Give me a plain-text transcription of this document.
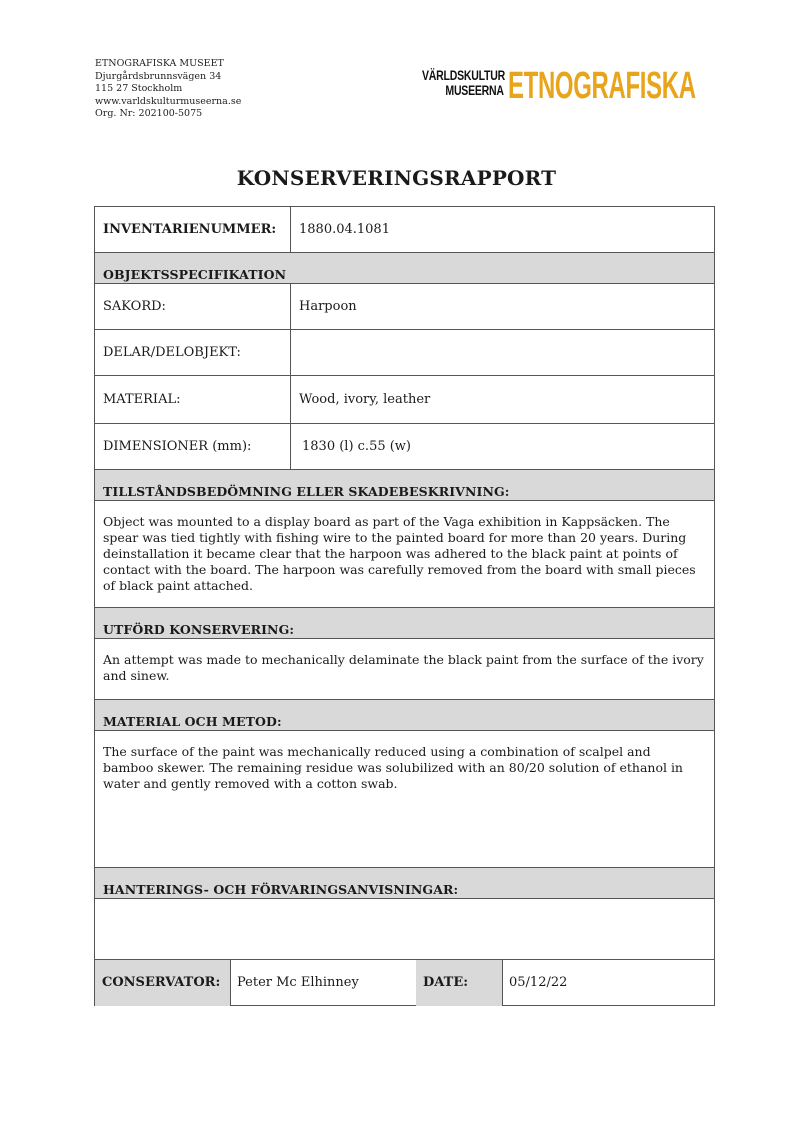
ETNOGRAFISKA MUSEET
Djurgårdsbrunnsvägen 34
115 27 Stockholm
www.varldskulturmuseerna.se
Org. Nr: 202100-5075
VÄRLDSKULTUR
MUSEERNA ETNOGRAFISKA
KONSERVERINGSRAPPORT
INVENTARIENUMMER:	1880.04.1081
OBJEKTSSPECIFIKATION
SAKORD:	Harpoon
DELAR/DELOBJEKT:
MATERIAL:	Wood, ivory, leather
DIMENSIONER (mm):	1830 (l) c.55 (w)
TILLSTÅNDSBEDÖMNING ELLER SKADEBESKRIVNING:
Object was mounted to a display board as part of the Vaga exhibition in Kappsäcken. The spear was tied tightly with fishing wire to the painted board for more than 20 years. During deinstallation it became clear that the harpoon was adhered to the black paint at points of contact with the board. The harpoon was carefully removed from the board with small pieces of black paint attached.
UTFÖRD KONSERVERING:
An attempt was made to mechanically delaminate the black paint from the surface of the ivory and sinew.
MATERIAL OCH METOD:
The surface of the paint was mechanically reduced using a combination of scalpel and bamboo skewer. The remaining residue was solubilized with an 80/20 solution of ethanol in water and gently removed with a cotton swab.
HANTERINGS- OCH FÖRVARINGSANVISNINGAR:
CONSERVATOR: Peter Mc Elhinney	DATE:	05/12/22
